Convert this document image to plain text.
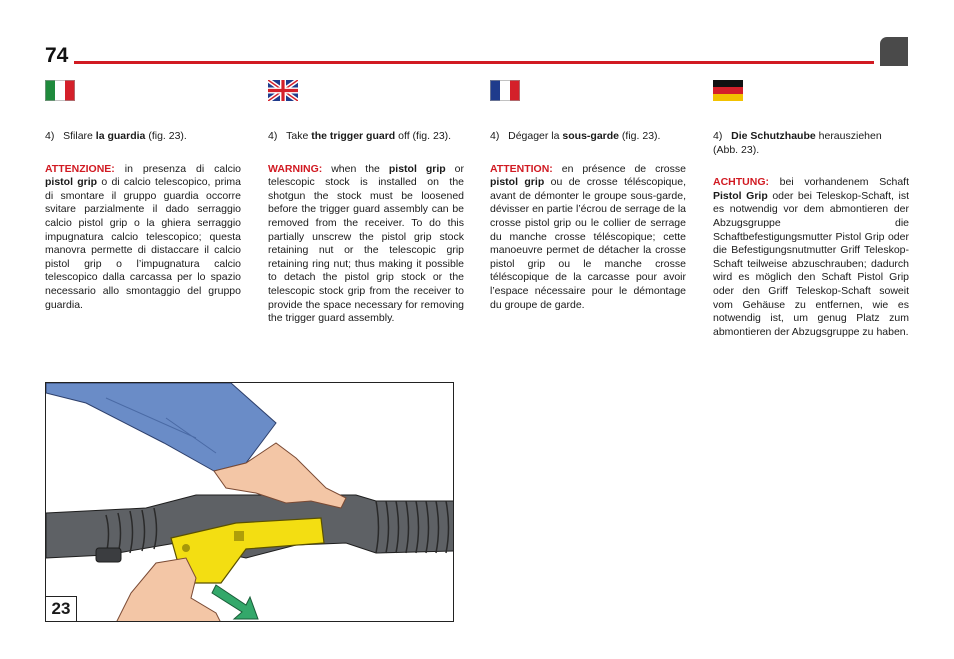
74

4) Sfilare la guardia (fig. 23).

ATTENZIONE: in presenza di calcio pistol grip o di calcio telescopico, prima di smontare il gruppo guardia occorre svitare parzialmente il dado serraggio calcio pistol grip o la ghiera serraggio impugnatura calcio telescopico; questa manovra permette di distaccare il calcio pistol grip o l’impugnatura calcio telescopico dalla carcassa per lo spazio necessario allo smontaggio del gruppo guardia.

4) Take the trigger guard off (fig. 23).

WARNING: when the pistol grip or telescopic stock is installed on the shotgun the stock must be loosened before the trigger guard assembly can be removed from the receiver. To do this partially unscrew the pistol grip stock retaining nut or the telescopic grip retaining ring nut; thus making it possible to detach the pistol grip stock or the telescopic stock grip from the receiver to provide the space necessary for removing the trigger guard assembly.

4) Dégager la sous-garde (fig. 23).

ATTENTION: en présence de crosse pistol grip ou de crosse téléscopique, avant de démonter le groupe sous-garde, dévisser en partie l’écrou de serrage de la crosse pistol grip ou le collier de serrage du manche crosse téléscopique; cette manoeuvre permet de détacher la crosse pistol grip ou le manche crosse téléscopique de la carcasse pour avoir l’espace nécessaire pour le démontage du groupe de garde.

4) Die Schutzhaube herausziehen (Abb. 23).

ACHTUNG: bei vorhandenem Schaft Pistol Grip oder bei Teleskop-Schaft, ist es notwendig vor dem abmontieren der Abzugsgruppe die Schaftbefestigungsmutter Pistol Grip oder die Befestigungsnutmutter Griff Teleskop-Schaft teilweise abzuschrauben; dadurch wird es möglich den Schaft Pistol Grip oder den Griff Teleskop-Schaft soweit vom Gehäuse zu entfernen, wie es notwendig ist, um genug Platz zum abmontieren der Abzugsgruppe zu haben.

23
